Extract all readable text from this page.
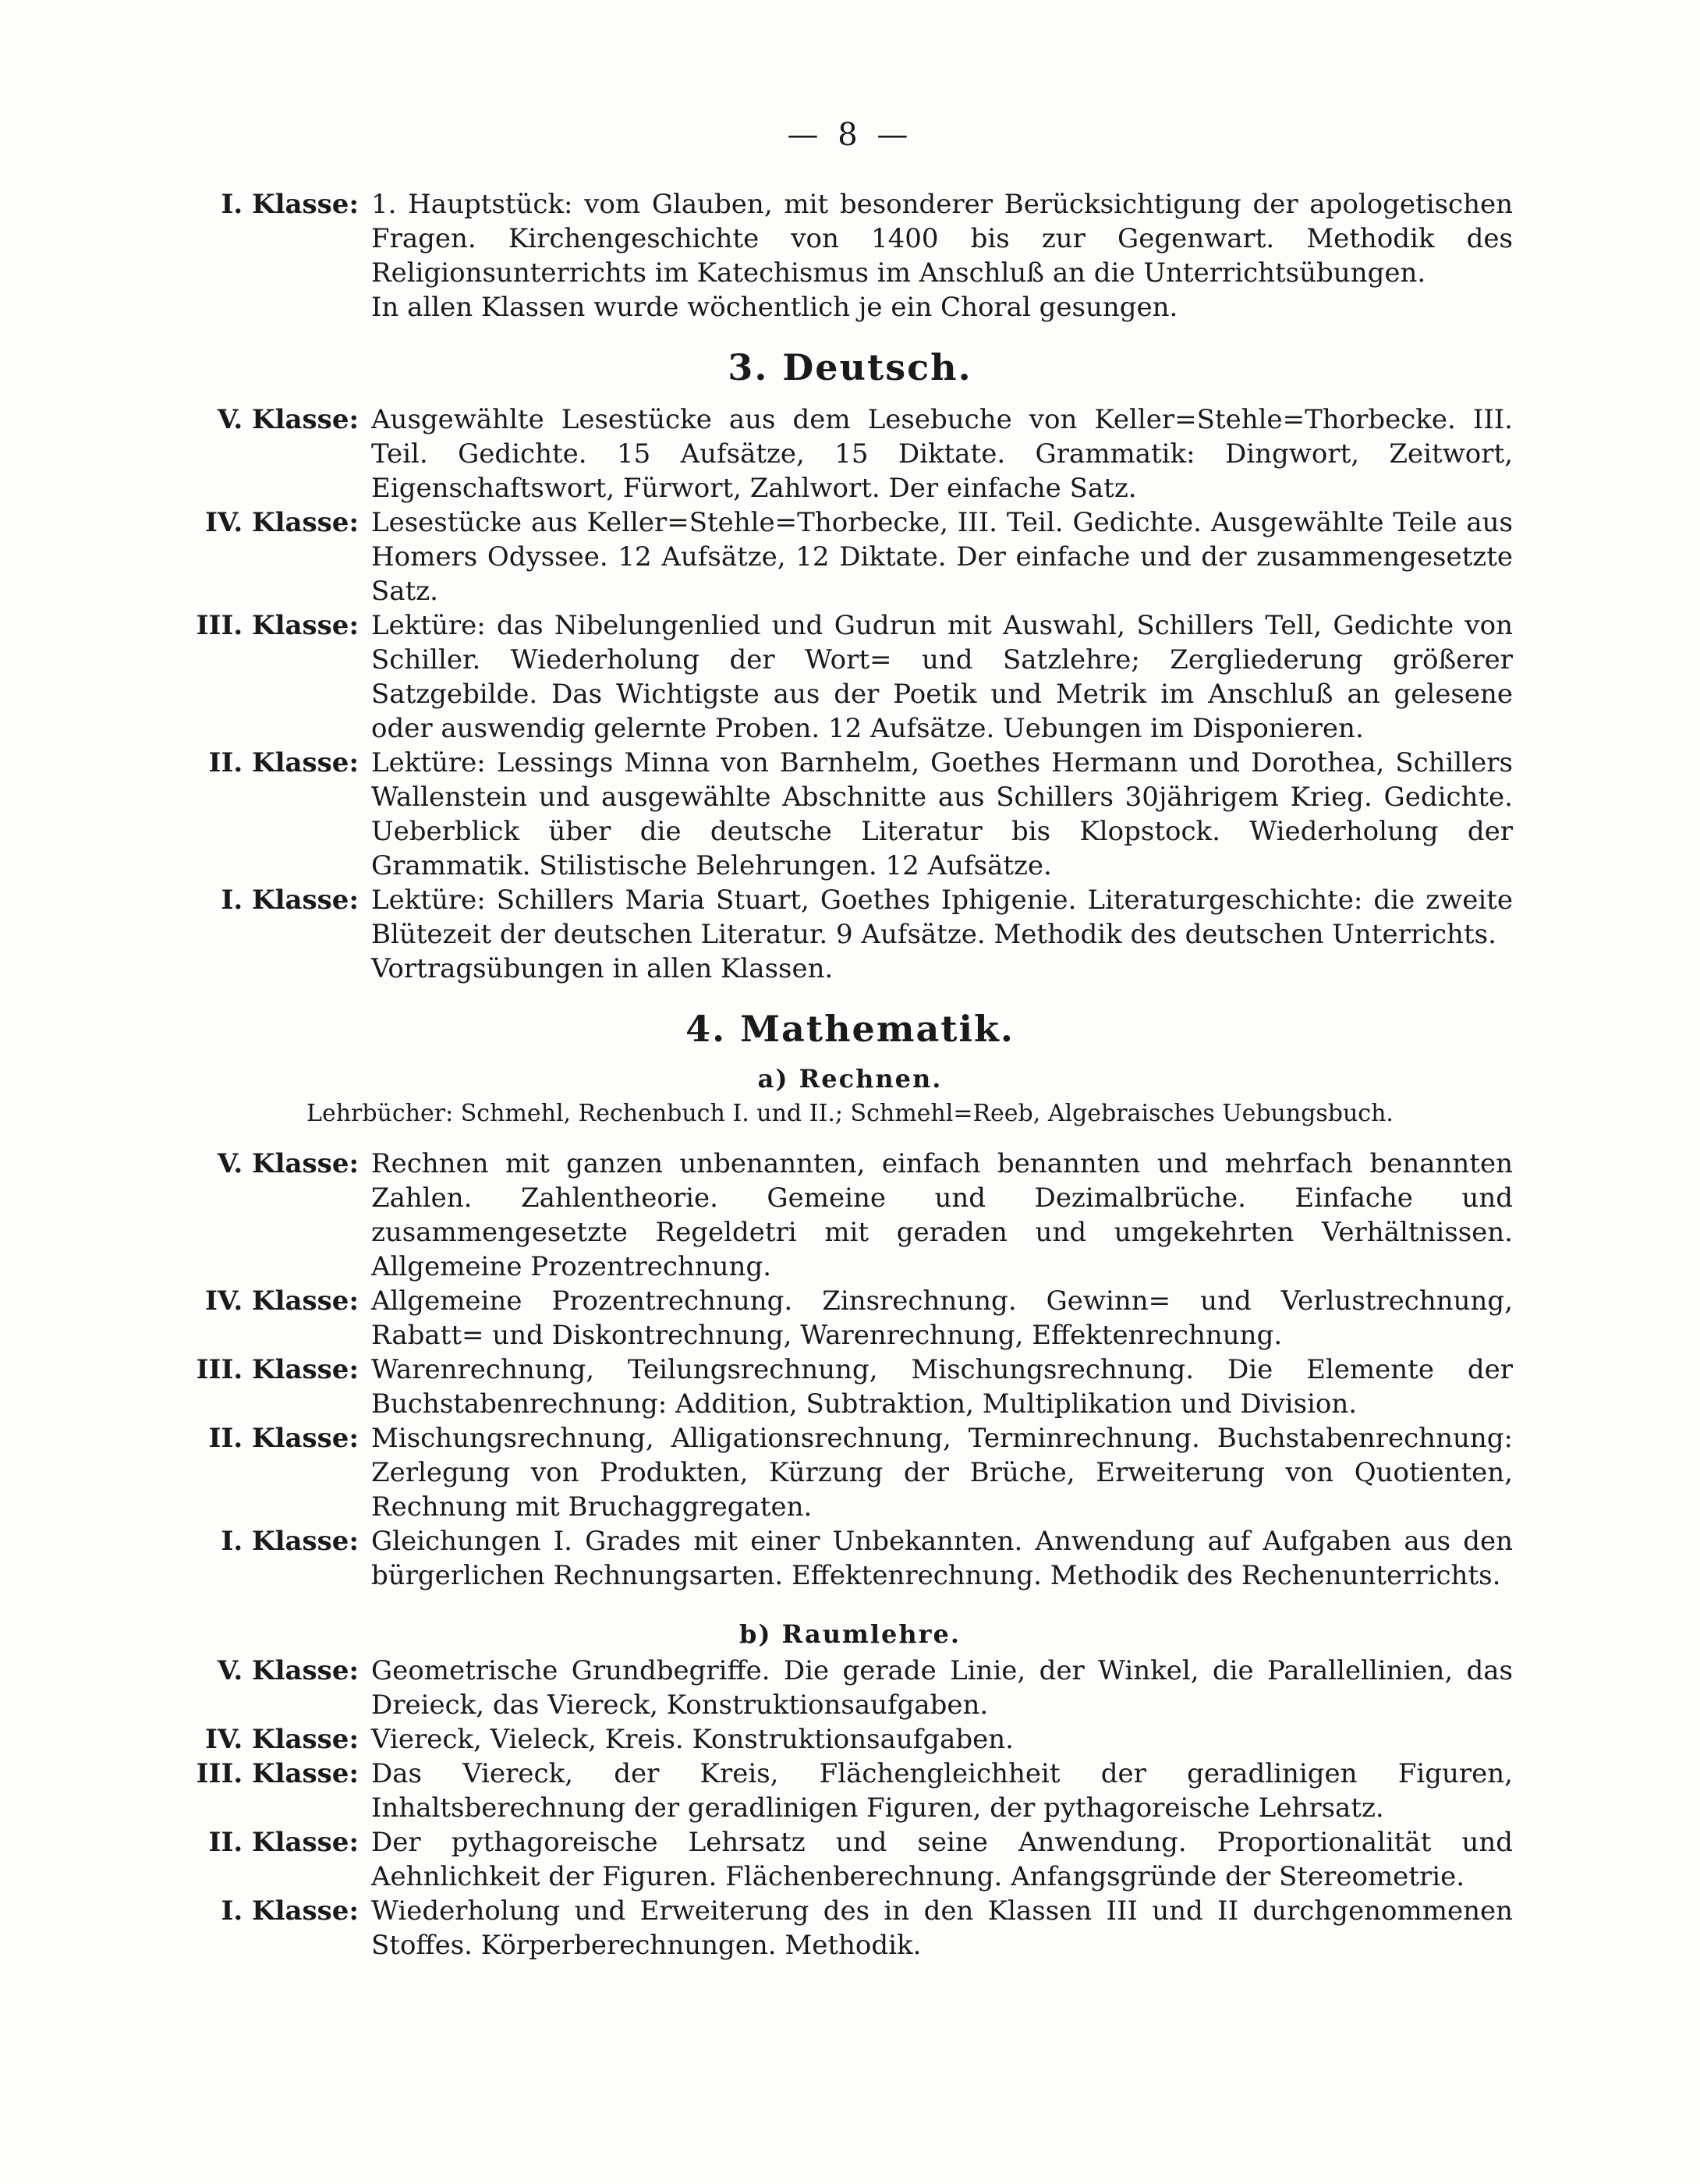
— 8 —
I. Klasse: 1. Hauptstück: vom Glauben, mit besonderer Berücksichtigung der apologetischen Fragen. Kirchengeschichte von 1400 bis zur Gegenwart. Methodik des Religionsunterrichts im Katechismus im Anschluß an die Unterrichtsübungen.
In allen Klassen wurde wöchentlich je ein Choral gesungen.
3. Deutsch.
V. Klasse: Ausgewählte Lesestücke aus dem Lesebuche von Keller=Stehle=Thorbecke. III. Teil. Gedichte. 15 Aufsätze, 15 Diktate. Grammatik: Dingwort, Zeitwort, Eigenschaftswort, Fürwort, Zahlwort. Der einfache Satz.
IV. Klasse: Lesestücke aus Keller=Stehle=Thorbecke, III. Teil. Gedichte. Ausgewählte Teile aus Homers Odyssee. 12 Aufsätze, 12 Diktate. Der einfache und der zusammengesetzte Satz.
III. Klasse: Lektüre: das Nibelungenlied und Gudrun mit Auswahl, Schillers Tell, Gedichte von Schiller. Wiederholung der Wort= und Satzlehre; Zergliederung größerer Satzgebilde. Das Wichtigste aus der Poetik und Metrik im Anschluß an gelesene oder auswendig gelernte Proben. 12 Aufsätze. Uebungen im Disponieren.
II. Klasse: Lektüre: Lessings Minna von Barnhelm, Goethes Hermann und Dorothea, Schillers Wallenstein und ausgewählte Abschnitte aus Schillers 30jährigem Krieg. Gedichte. Ueberblick über die deutsche Literatur bis Klopstock. Wiederholung der Grammatik. Stilistische Belehrungen. 12 Aufsätze.
I. Klasse: Lektüre: Schillers Maria Stuart, Goethes Iphigenie. Literaturgeschichte: die zweite Blütezeit der deutschen Literatur. 9 Aufsätze. Methodik des deutschen Unterrichts.
Vortragsübungen in allen Klassen.
4. Mathematik.
a) Rechnen.
Lehrbücher: Schmehl, Rechenbuch I. und II.; Schmehl=Reeb, Algebraisches Uebungsbuch.
V. Klasse: Rechnen mit ganzen unbenannten, einfach benannten und mehrfach benannten Zahlen. Zahlentheorie. Gemeine und Dezimalbrüche. Einfache und zusammengesetzte Regeldetri mit geraden und umgekehrten Verhältnissen. Allgemeine Prozentrechnung.
IV. Klasse: Allgemeine Prozentrechnung. Zinsrechnung. Gewinn= und Verlustrechnung, Rabatt= und Diskontrechnung, Warenrechnung, Effektenrechnung.
III. Klasse: Warenrechnung, Teilungsrechnung, Mischungsrechnung. Die Elemente der Buchstabenrechnung: Addition, Subtraktion, Multiplikation und Division.
II. Klasse: Mischungsrechnung, Alligationsrechnung, Terminrechnung. Buchstabenrechnung: Zerlegung von Produkten, Kürzung der Brüche, Erweiterung von Quotienten, Rechnung mit Bruchaggregaten.
I. Klasse: Gleichungen I. Grades mit einer Unbekannten. Anwendung auf Aufgaben aus den bürgerlichen Rechnungsarten. Effektenrechnung. Methodik des Rechenunterrichts.
b) Raumlehre.
V. Klasse: Geometrische Grundbegriffe. Die gerade Linie, der Winkel, die Parallellinien, das Dreieck, das Viereck, Konstruktionsaufgaben.
IV. Klasse: Viereck, Vieleck, Kreis. Konstruktionsaufgaben.
III. Klasse: Das Viereck, der Kreis, Flächengleichheit der geradlinigen Figuren, Inhaltsberechnung der geradlinigen Figuren, der pythagoreische Lehrsatz.
II. Klasse: Der pythagoreische Lehrsatz und seine Anwendung. Proportionalität und Aehnlichkeit der Figuren. Flächenberechnung. Anfangsgründe der Stereometrie.
I. Klasse: Wiederholung und Erweiterung des in den Klassen III und II durchgenommenen Stoffes. Körperberechnungen. Methodik.
